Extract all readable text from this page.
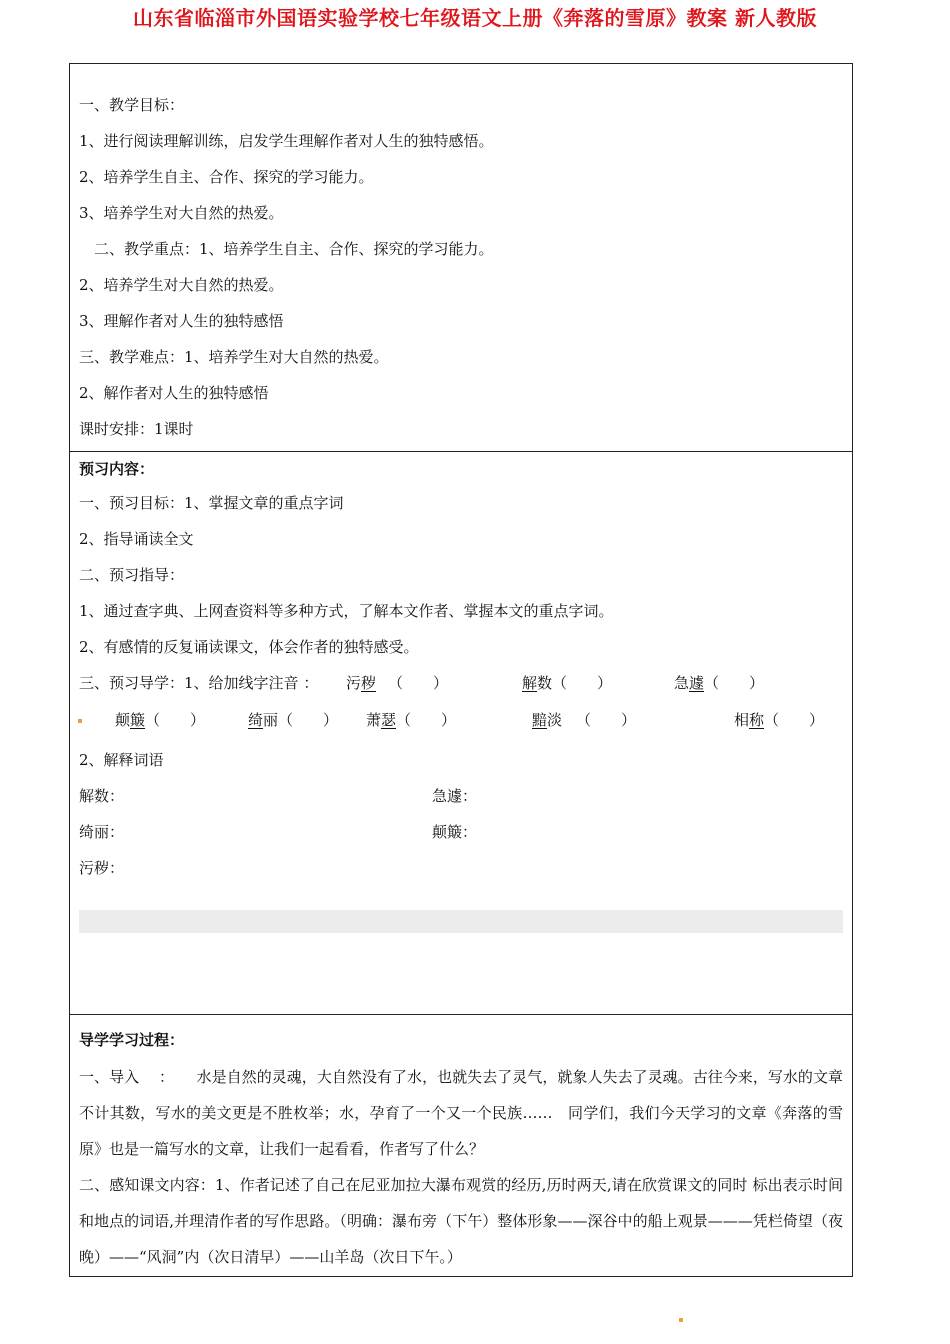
山东省临淄市外国语实验学校七年级语文上册《奔落的雪原》教案 新人教版
一、教学目标：
1、进行阅读理解训练，启发学生理解作者对人生的独特感悟。
2、培养学生自主、合作、探究的学习能力。
3、培养学生对大自然的热爱。
　二、教学重点：1、培养学生自主、合作、探究的学习能力。
2、培养学生对大自然的热爱。
3、理解作者对人生的独特感悟
三、教学难点：1、培养学生对大自然的热爱。
2、解作者对人生的独特感悟
课时安排：1课时
预习内容：
一、预习目标：1、掌握文章的重点字词
2、指导诵读全文
二、预习指导：
1、通过查字典、上网查资料等多种方式，了解本文作者、掌握本文的重点字词。
2、有感情的反复诵读课文，体会作者的独特感受。
三、预习导学：1、给加线字注音 ： 污秽 （　　）	解数（　　）	急遽（　　）
颠簸（　　）	绮丽（　　） 萧瑟（　　）	黯淡 （　　）	相称（　　）
2、解释词语
解数：	急遽：
绮丽：	颠簸：
污秽：
导学学习过程：
一、导入 　：　　水是自然的灵魂，大自然没有了水，也就失去了灵气，就象人失去了灵魂。古往今来，写水的文章不计其数，写水的美文更是不胜枚举；水，孕育了一个又一个民族……　同学们，我们今天学习的文章《奔落的雪原》也是一篇写水的文章，让我们一起看看，作者写了什么？
二、感知课文内容：1、作者记述了自己在尼亚加拉大瀑布观赏的经历,历时两天,请在欣赏课文的同时 标出表示时间和地点的词语,并理清作者的写作思路。（明确：瀑布旁（下午）整体形象——深谷中的船上观景———凭栏倚望（夜晚）——“风洞”内（次日清早）——山羊岛（次日下午。）
